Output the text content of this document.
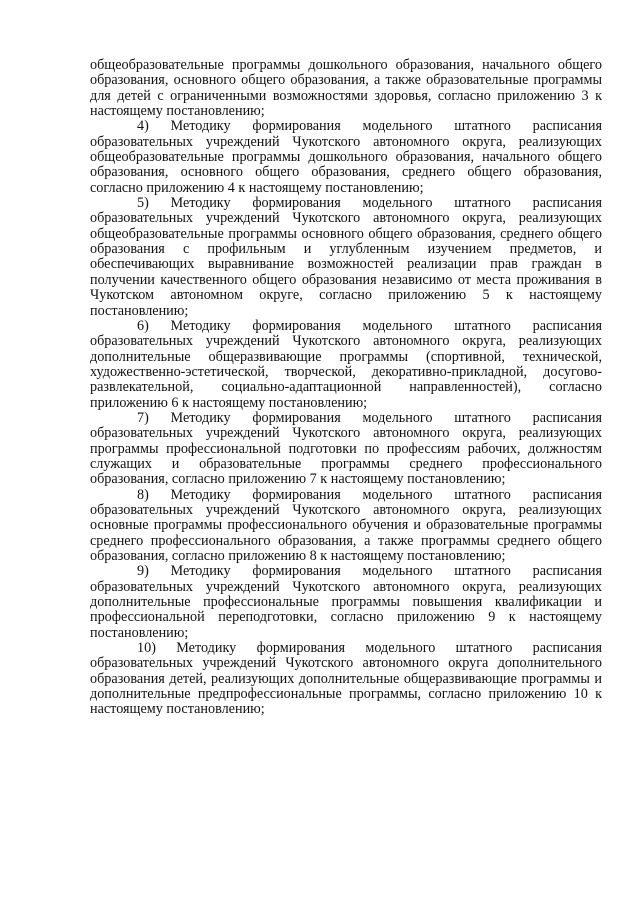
общеобразовательные программы дошкольного образования, начального общего образования, основного общего образования, а также образовательные программы для детей с ограниченными возможностями здоровья, согласно приложению 3 к настоящему постановлению;

4) Методику формирования модельного штатного расписания образовательных учреждений Чукотского автономного округа, реализующих общеобразовательные программы дошкольного образования, начального общего образования, основного общего образования, среднего общего образования, согласно приложению 4 к настоящему постановлению;

5) Методику формирования модельного штатного расписания образовательных учреждений Чукотского автономного округа, реализующих общеобразовательные программы основного общего образования, среднего общего образования с профильным и углубленным изучением предметов, и обеспечивающих выравнивание возможностей реализации прав граждан в получении качественного общего образования независимо от места проживания в Чукотском автономном округе, согласно приложению 5 к настоящему постановлению;

6) Методику формирования модельного штатного расписания образовательных учреждений Чукотского автономного округа, реализующих дополнительные общеразвивающие программы (спортивной, технической, художественно-эстетической, творческой, декоративно-прикладной, досугово-развлекательной, социально-адаптационной направленностей), согласно приложению 6 к настоящему постановлению;

7) Методику формирования модельного штатного расписания образовательных учреждений Чукотского автономного округа, реализующих программы профессиональной подготовки по профессиям рабочих, должностям служащих и образовательные программы среднего профессионального образования, согласно приложению 7 к настоящему постановлению;

8) Методику формирования модельного штатного расписания образовательных учреждений Чукотского автономного округа, реализующих основные программы профессионального обучения и образовательные программы среднего профессионального образования, а также программы среднего общего образования, согласно приложению 8 к настоящему постановлению;

9) Методику формирования модельного штатного расписания образовательных учреждений Чукотского автономного округа, реализующих дополнительные профессиональные программы повышения квалификации и профессиональной переподготовки, согласно приложению 9 к настоящему постановлению;

10) Методику формирования модельного штатного расписания образовательных учреждений Чукотского автономного округа дополнительного образования детей, реализующих дополнительные общеразвивающие программы и дополнительные предпрофессиональные программы, согласно приложению 10 к настоящему постановлению;
